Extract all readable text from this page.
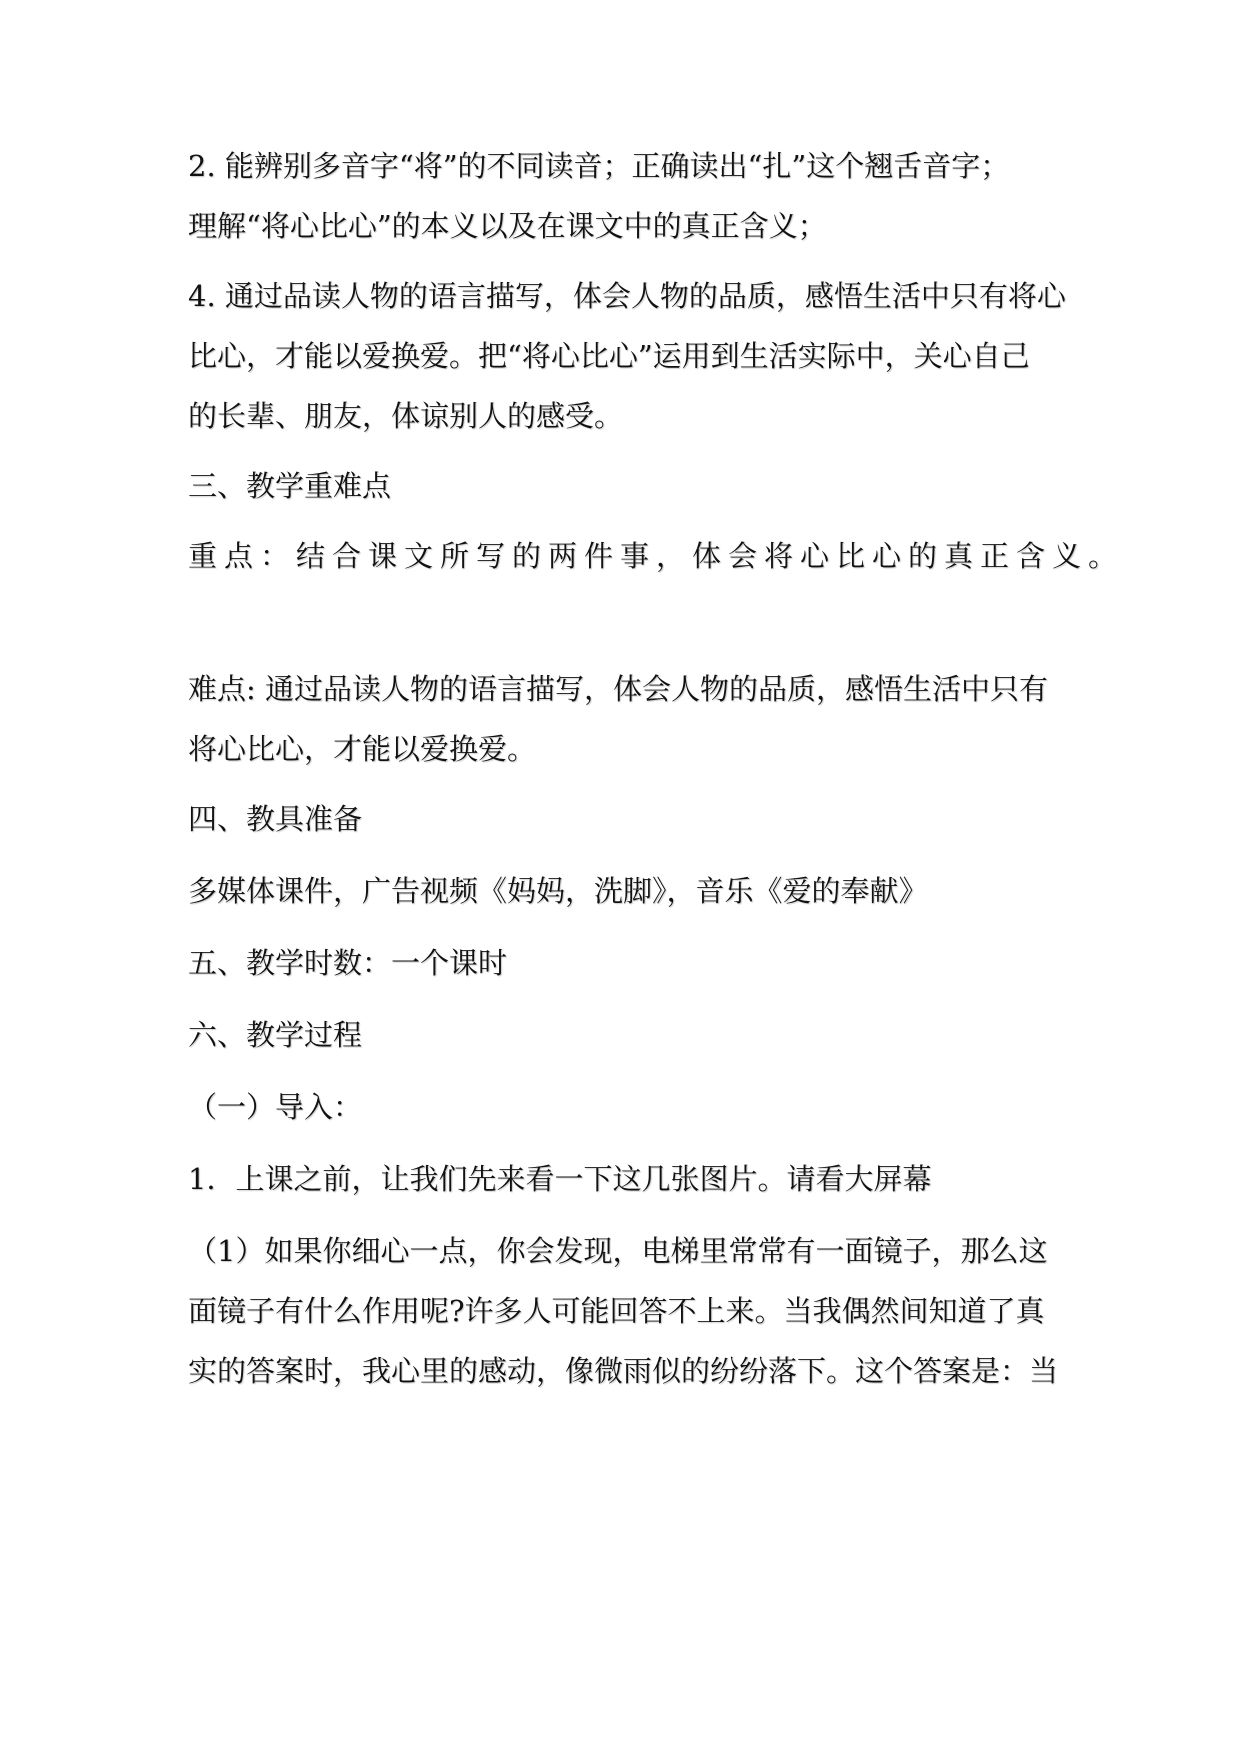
2. 能辨别多音字“将”的不同读音；正确读出“扎”这个翘舌音字；
理解“将心比心”的本义以及在课文中的真正含义；
4. 通过品读人物的语言描写，体会人物的品质，感悟生活中只有将心
比心，才能以爱换爱。把“将心比心”运用到生活实际中，关心自己
的长辈、朋友，体谅别人的感受。
三、教学重难点
重点：结合课文所写的两件事，体会将心比心的真正含义。
难点: 通过品读人物的语言描写，体会人物的品质，感悟生活中只有
将心比心，才能以爱换爱。
四、教具准备
多媒体课件，广告视频《妈妈，洗脚》，音乐《爱的奉献》
五、教学时数：一个课时
六、教学过程
（一）导入：
1．上课之前，让我们先来看一下这几张图片。请看大屏幕
（1）如果你细心一点，你会发现，电梯里常常有一面镜子，那么这
面镜子有什么作用呢?许多人可能回答不上来。当我偶然间知道了真
实的答案时，我心里的感动，像微雨似的纷纷落下。这个答案是：当
